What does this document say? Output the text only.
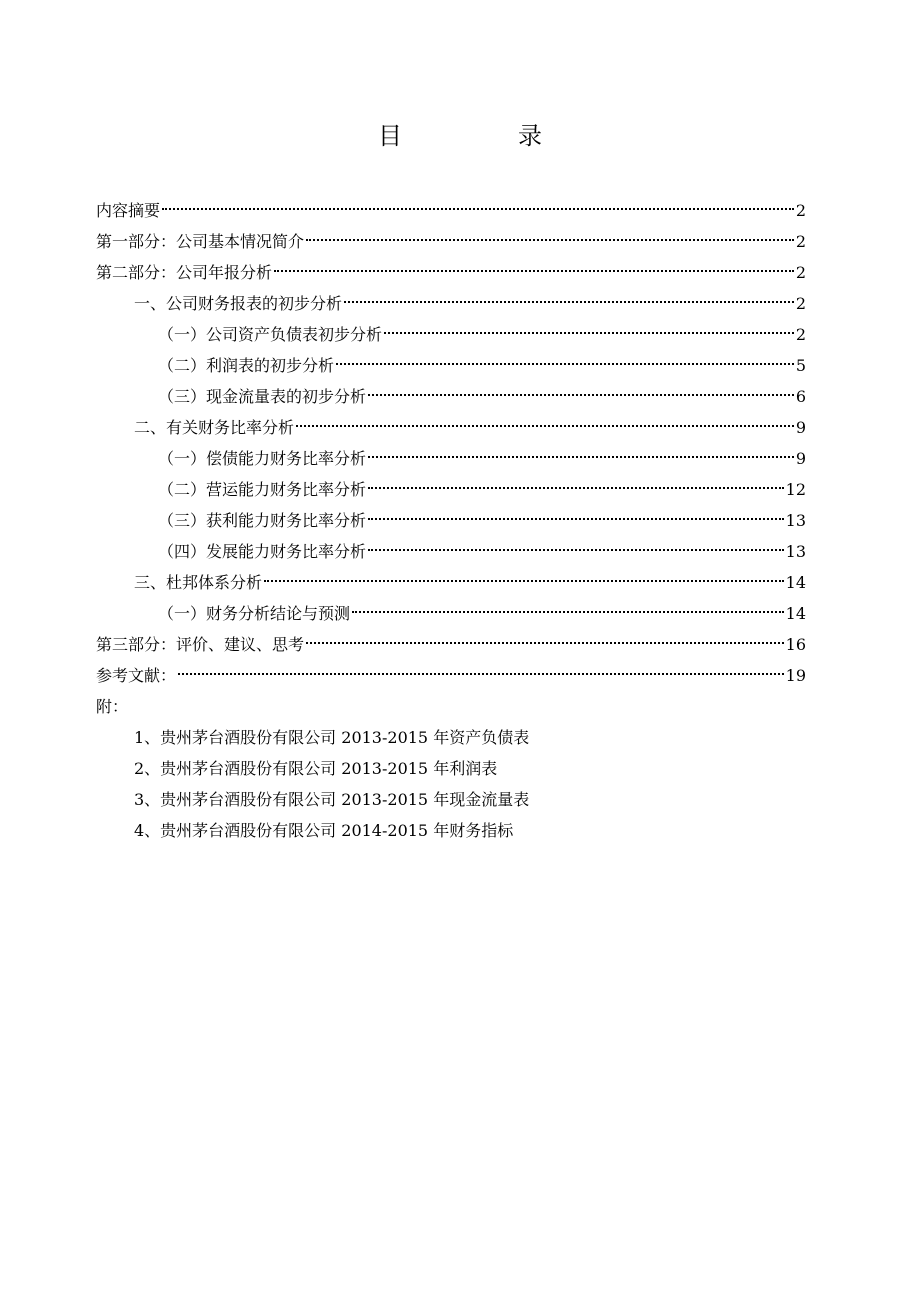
目　录
内容摘要	2
第一部分：公司基本情况简介	2
第二部分：公司年报分析	2
一、公司财务报表的初步分析	2
（一）公司资产负债表初步分析	2
（二）利润表的初步分析	5
（三）现金流量表的初步分析	6
二、有关财务比率分析	9
（一）偿债能力财务比率分析	9
（二）营运能力财务比率分析	12
（三）获利能力财务比率分析	13
（四）发展能力财务比率分析	13
三、杜邦体系分析	14
（一）财务分析结论与预测	14
第三部分：评价、建议、思考	16
参考文献：	19
附：
1、贵州茅台酒股份有限公司 2013-2015 年资产负债表
2、贵州茅台酒股份有限公司 2013-2015 年利润表
3、贵州茅台酒股份有限公司 2013-2015 年现金流量表
4、贵州茅台酒股份有限公司 2014-2015 年财务指标
